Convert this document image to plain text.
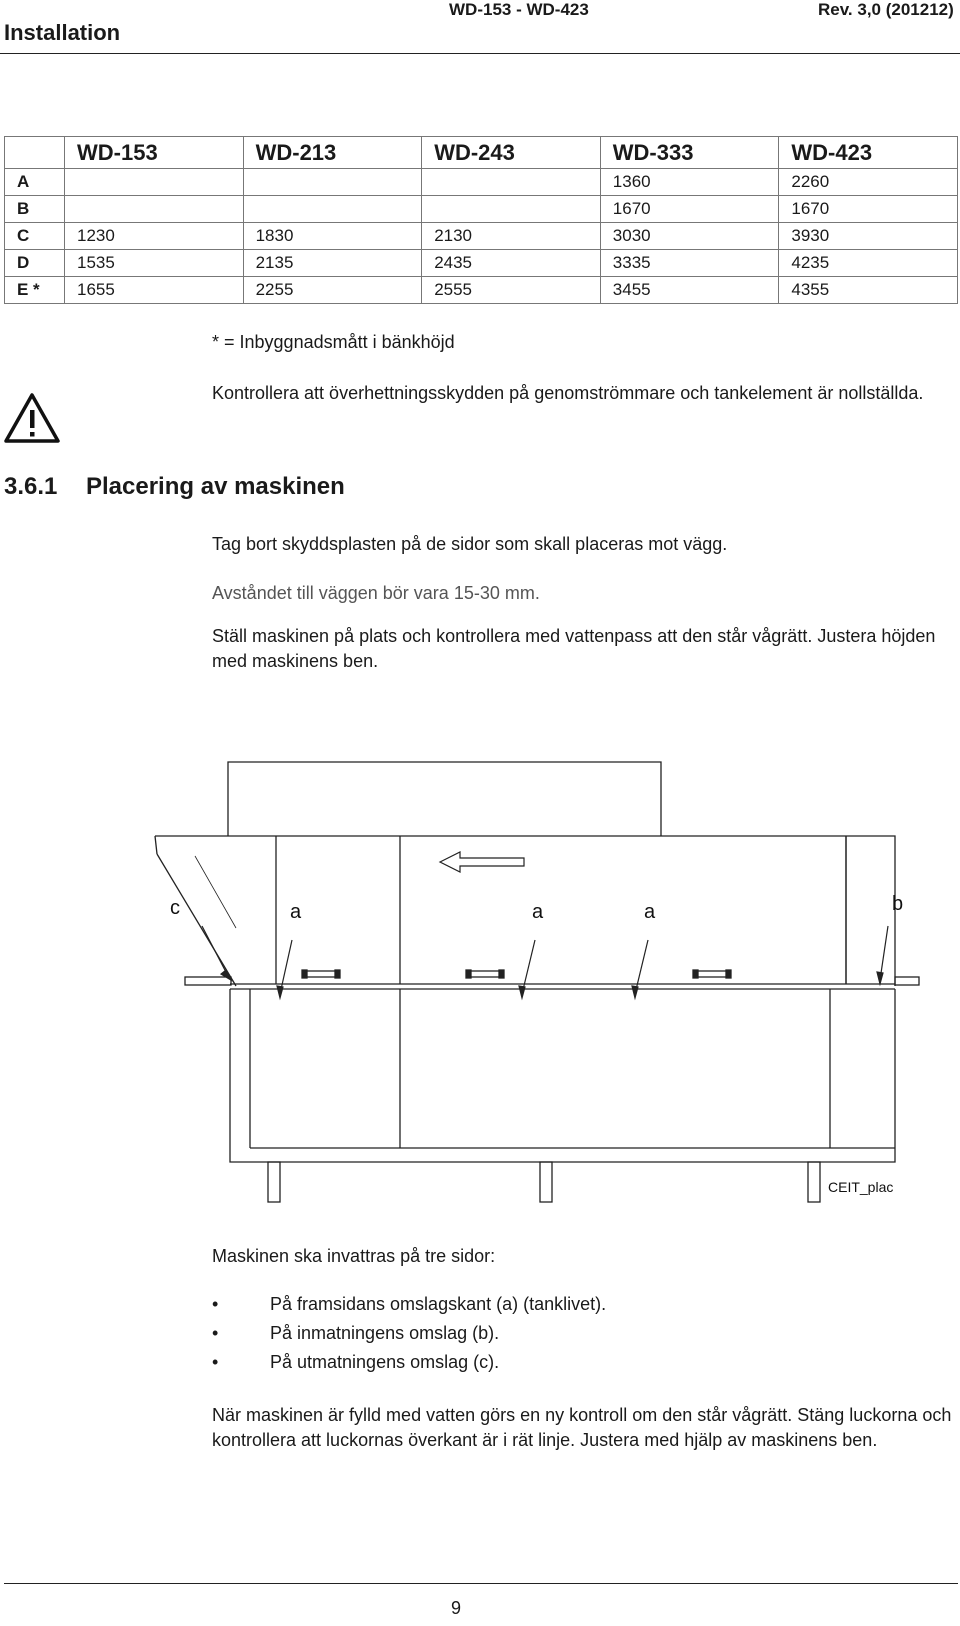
Installation
WD-153 - WD-423	Rev. 3,0 (201212)
	WD-153	WD-213	WD-243	WD-333	WD-423
A				1360	2260
B				1670	1670
C	1230	1830	2130	3030	3930
D	1535	2135	2435	3335	4235
E *	1655	2255	2555	3455	4355
* = Inbyggnadsmått i bänkhöjd
Kontrollera att överhettningsskydden på genomströmmare och tankelement är nollställda.
3.6.1 Placering av maskinen
Tag bort skyddsplasten på de sidor som skall placeras mot vägg.
Avståndet till väggen bör vara 15-30 mm.
Ställ maskinen på plats och kontrollera med vattenpass att den står vågrätt. Justera höjden med maskinens ben.
c	a	a	a	b
CEIT_plac
Maskinen ska invattras på tre sidor:
• På framsidans omslagskant (a) (tanklivet).
• På inmatningens omslag (b).
• På utmatningens omslag (c).
När maskinen är fylld med vatten görs en ny kontroll om den står vågrätt. Stäng luckorna och kontrollera att luckornas överkant är i rät linje. Justera med hjälp av maskinens ben.
9
